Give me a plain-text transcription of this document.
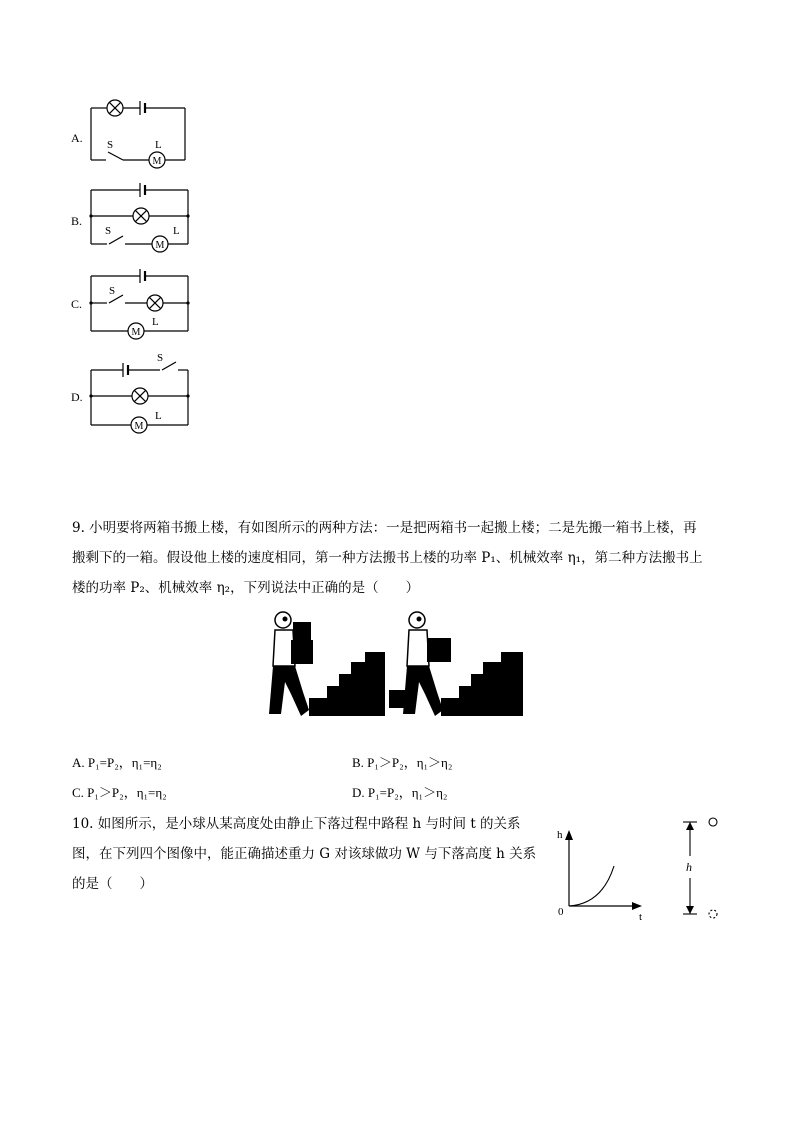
A.
M
S	L
B.
M
S	L
C.
M
S
L
D.
M
S
L
9. 小明要将两箱书搬上楼，有如图所示的两种方法：一是把两箱书一起搬上楼；二是先搬一箱书上楼，再
搬剩下的一箱。假设他上楼的速度相同，第一种方法搬书上楼的功率 P₁、机械效率 η₁，第二种方法搬书上
楼的功率 P₂、机械效率 η₂，下列说法中正确的是（　　）
A. P₁=P₂，η₁=η₂	B. P₁＞P₂，η₁＞η₂
C. P₁＞P₂，η₁=η₂	D. P₁=P₂，η₁＞η₂
10. 如图所示，是小球从某高度处由静止下落过程中路程 h 与时间 t 的关系
图，在下列四个图像中，能正确描述重力 G 对该球做功 W 与下落高度 h 关系
的是（　　）
h
t
0
h
